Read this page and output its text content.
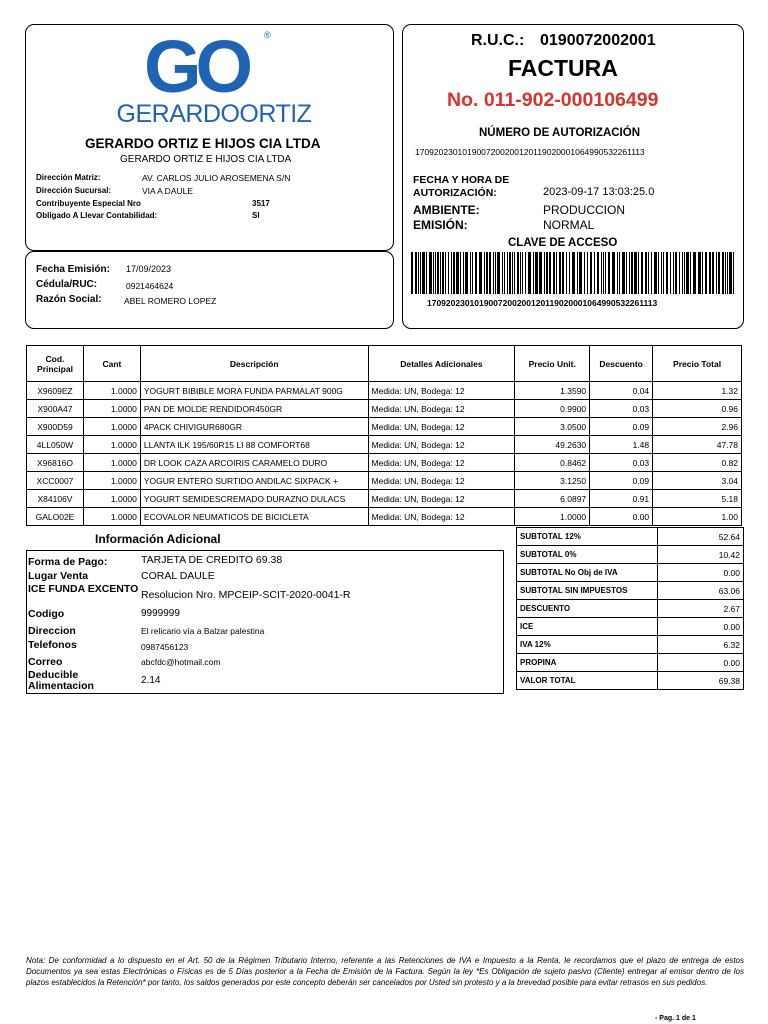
GO ®
GERARDOORTIZ
GERARDO ORTIZ E HIJOS CIA LTDA
GERARDO ORTIZ E HIJOS CIA LTDA
Dirección Matriz:	AV. CARLOS JULIO AROSEMENA S/N
Dirección Sucursal:	VIA A DAULE
Contribuyente Especial Nro	3517
Obligado A Llevar Contabilidad:	SI
R.U.C.: 0190072002001
FACTURA
No. 011-902-000106499
NÚMERO DE AUTORIZACIÓN
1709202301019007200200120119020001064990532261113
FECHA Y HORA DE
AUTORIZACIÓN:	2023-09-17 13:03:25.0
AMBIENTE:	PRODUCCION
EMISIÓN:	NORMAL
CLAVE DE ACCESO
1709202301019007200200120119020001064990532261113
Fecha Emisión: 17/09/2023
Cédula/RUC:	0921464624
Razón Social:	ABEL ROMERO LOPEZ
Cod.
Principal	Cant	Descripción	Detalles Adicionales	Precio Unit.	Descuento	Precio Total
X9609EZ	1.0000	YOGURT BIBIBLE MORA FUNDA PARMALAT 900G	Medida: UN, Bodega: 12	1.3590	0.04	1.32
X900A47	1.0000	PAN DE MOLDE RENDIDOR450GR	Medida: UN, Bodega: 12	0.9900	0.03	0.96
X900D59	1.0000	4PACK CHIVIGUR680GR	Medida: UN, Bodega: 12	3.0500	0.09	2.96
4LL050W	1.0000	LLANTA ILK 195/60R15 LI 88 COMFORT68	Medida: UN, Bodega: 12	49.2630	1.48	47.78
X96816O	1.0000	DR LOOK CAZA ARCOIRIS CARAMELO DURO	Medida: UN, Bodega: 12	0.8462	0.03	0.82
XCC0007	1.0000	YOGUR ENTERO SURTIDO ANDILAC SIXPACK +	Medida: UN, Bodega: 12	3.1250	0.09	3.04
X84106V	1.0000	YOGURT SEMIDESCREMADO DURAZNO DULACS	Medida: UN, Bodega: 12	6.0897	0.91	5.18
GALO02E	1.0000	ECOVALOR NEUMATICOS DE BICICLETA	Medida: UN, Bodega: 12	1.0000	0.00	1.00
Información Adicional
Forma de Pago:	TARJETA DE CREDITO 69.38
Lugar Venta	CORAL DAULE
ICE FUNDA EXCENTO Resolucion Nro. MPCEIP-SCIT-2020-0041-R
Codigo	9999999
Direccion	El relicario vía a Balzar palestina
Telefonos	0987456123
Correo	abcfdc@hotmail.com
Deducible
Alimentacion	2.14
SUBTOTAL 12%	52.64
SUBTOTAL 0%	10.42
SUBTOTAL No Obj de IVA	0.00
SUBTOTAL SIN IMPUESTOS	63.06
DESCUENTO	2.67
ICE	0.00
IVA 12%	6.32
PROPINA	0.00
VALOR TOTAL	69.38
Nota: De conformidad a lo dispuesto en el Art. 50 de la Régimen Tributario Interno, referente a las Retenciones de IVA e Impuesto a la Renta, le recordamos que el plazo de entrega de estos Documentos ya sea estas Electrónicas o Físicas es de 5 Días posterior a la Fecha de Emisión de la Factura. Según la ley *Es Obligación de sujeto pasivo (Cliente) entregar al emisor dentro de los plazos establecidos la Retención* por tanto, los saldos generados por este concepto deberán ser cancelados por Usted sin protesto y a la brevedad posible para evitar retrasos en sus pedidos.
- Pag. 1 de 1
